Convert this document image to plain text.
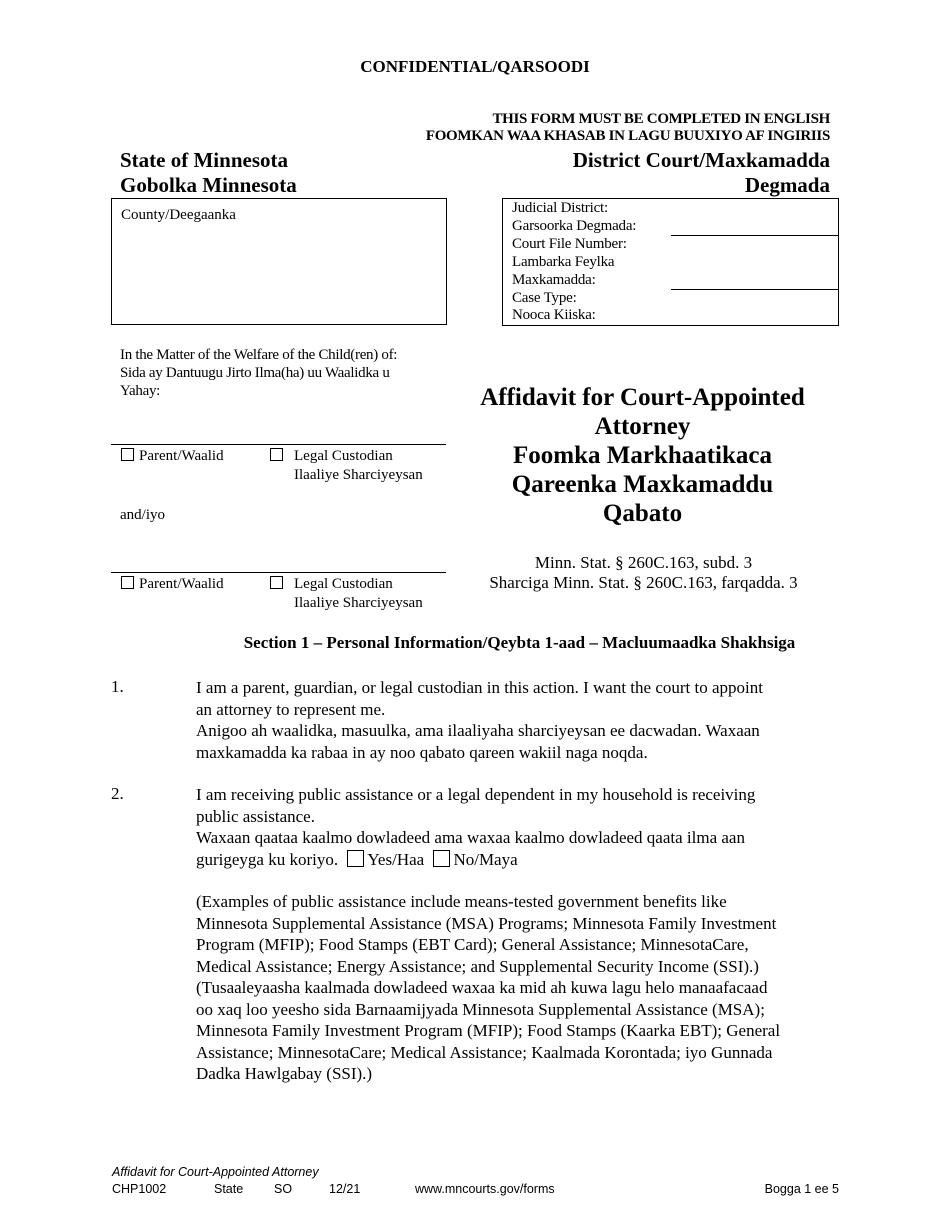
CONFIDENTIAL/QARSOODI
THIS FORM MUST BE COMPLETED IN ENGLISH
FOOMKAN WAA KHASAB IN LAGU BUUXIYO AF INGIRIIS
State of Minnesota
Gobolka Minnesota
District Court/Maxkamadda
Degmada
County/Deegaanka	Judicial District:
Garsoorka Degmada:
Court File Number:
Lambarka Feylka
Maxkamadda:
Case Type:
Nooca Kiiska:
In the Matter of the Welfare of the Child(ren) of:
Sida ay Dantuugu Jirto Ilma(ha) uu Waalidka u
Yahay:
Parent/Waalid	Legal Custodian
Ilaaliye Sharciyeysan
and/iyo
Parent/Waalid	Legal Custodian
Ilaaliye Sharciyeysan
Affidavit for Court-Appointed
Attorney
Foomka Markhaatikaca
Qareenka Maxkamaddu
Qabato
Minn. Stat. § 260C.163, subd. 3
Sharciga Minn. Stat. § 260C.163, farqadda. 3
Section 1 – Personal Information/Qeybta 1-aad – Macluumaadka Shakhsiga
1.	I am a parent, guardian, or legal custodian in this action. I want the court to appoint
an attorney to represent me.
Anigoo ah waalidka, masuulka, ama ilaaliyaha sharciyeysan ee dacwadan. Waxaan
maxkamadda ka rabaa in ay noo qabato qareen wakiil naga noqda.
2.	I am receiving public assistance or a legal dependent in my household is receiving
public assistance.
Waxaan qaataa kaalmo dowladeed ama waxaa kaalmo dowladeed qaata ilma aan
gurigeyga ku koriyo. Yes/Haa No/Maya
(Examples of public assistance include means-tested government benefits like
Minnesota Supplemental Assistance (MSA) Programs; Minnesota Family Investment
Program (MFIP); Food Stamps (EBT Card); General Assistance; MinnesotaCare,
Medical Assistance; Energy Assistance; and Supplemental Security Income (SSI).)
(Tusaaleyaasha kaalmada dowladeed waxaa ka mid ah kuwa lagu helo manaafacaad
oo xaq loo yeesho sida Barnaamijyada Minnesota Supplemental Assistance (MSA);
Minnesota Family Investment Program (MFIP); Food Stamps (Kaarka EBT); General
Assistance; MinnesotaCare; Medical Assistance; Kaalmada Korontada; iyo Gunnada
Dadka Hawlgabay (SSI).)
Affidavit for Court-Appointed Attorney
CHP1002	State SO	12/21	www.mncourts.gov/forms	Bogga 1 ee 5
